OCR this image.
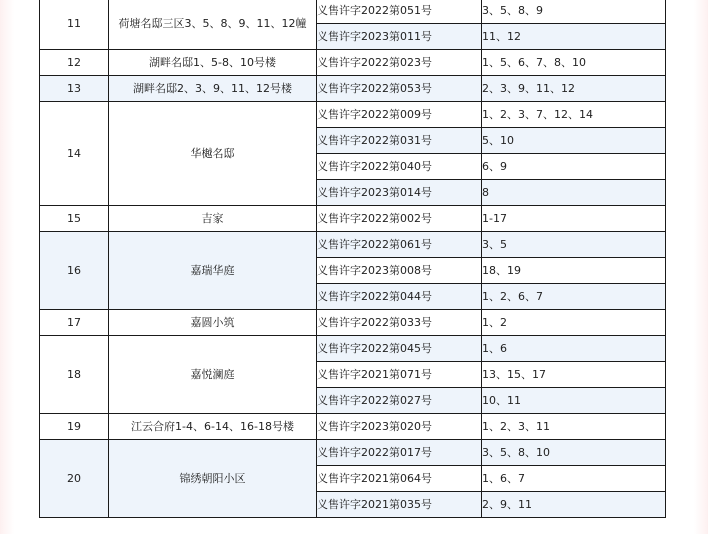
11	荷塘名邸三区3、5、8、9、11、12幢	义售许字2022第051号	3、5、8、9
		义售许字2023第011号	11、12
12	湖畔名邸1、5-8、10号楼	义售许字2022第023号	1、5、6、7、8、10
13	湖畔名邸2、3、9、11、12号楼	义售许字2022第053号	2、3、9、11、12
14	华樾名邸	义售许字2022第009号	1、2、3、7、12、14
		义售许字2022第031号	5、10
		义售许字2022第040号	6、9
		义售许字2023第014号	8
15	吉家	义售许字2022第002号	1-17
16	嘉瑞华庭	义售许字2022第061号	3、5
		义售许字2023第008号	18、19
		义售许字2022第044号	1、2、6、7
17	嘉圆小筑	义售许字2022第033号	1、2
18	嘉悦澜庭	义售许字2022第045号	1、6
		义售许字2021第071号	13、15、17
		义售许字2022第027号	10、11
19	江云合府1-4、6-14、16-18号楼	义售许字2023第020号	1、2、3、11
20	锦绣朝阳小区	义售许字2022第017号	3、5、8、10
		义售许字2021第064号	1、6、7
		义售许字2021第035号	2、9、11
